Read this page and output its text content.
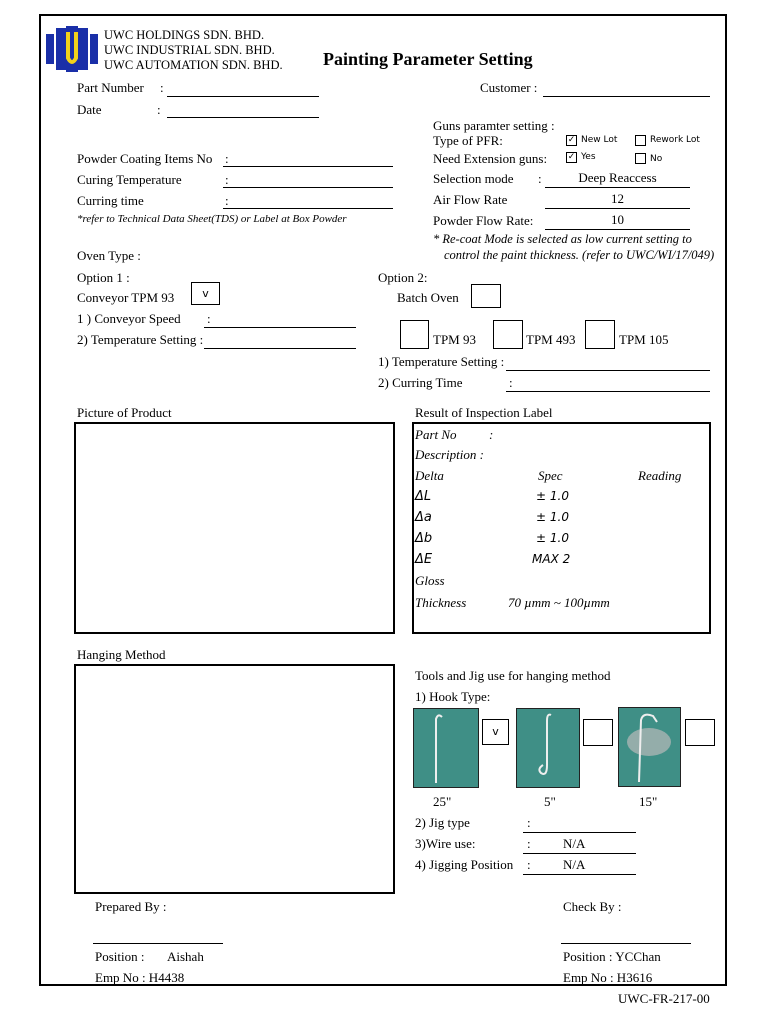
UWC HOLDINGS SDN. BHD.
UWC INDUSTRIAL SDN. BHD.
UWC AUTOMATION SDN. BHD. Painting Parameter Setting
Part Number :
Date	:
Customer :
Powder Coating Items No :
Curing Temperature	:
Curring time	:
*refer to Technical Data Sheet(TDS) or Label at Box Powder
Guns paramter setting :
Type of PFR:	✓ New Lot	Rework Lot
Need Extension guns: ✓ Yes	No
Selection mode :	Deep Reaccess
Air Flow Rate	12
Powder Flow Rate:	10
* Re-coat Mode is selected as low current setting to
control the paint thickness. (refer to UWC/WI/17/049)
Oven Type :
Option 1 :
Conveyor TPM 93	v
1 ) Conveyor Speed :
2) Temperature Setting :
Option 2:
Batch Oven
TPM 93	TPM 493	TPM 105
1) Temperature Setting :
2) Curring Time	:
Picture of Product	Result of Inspection Label
Part No :
Description :
Delta	Spec	Reading
ΔL	± 1.0
Δa	± 1.0
Δb	± 1.0
ΔE	MAX 2
Gloss
Thickness	70 µmm ~ 100µmm
Hanging Method
Tools and Jig use for hanging method
1) Hook Type:
v
25"	5"	15"
2) Jig type	:
3)Wire use:	: N/A
4) Jigging Position : N/A
Prepared By :
Position : Aishah
Emp No : H4438
Check By :
Position : YCChan
Emp No : H3616
UWC-FR-217-00
